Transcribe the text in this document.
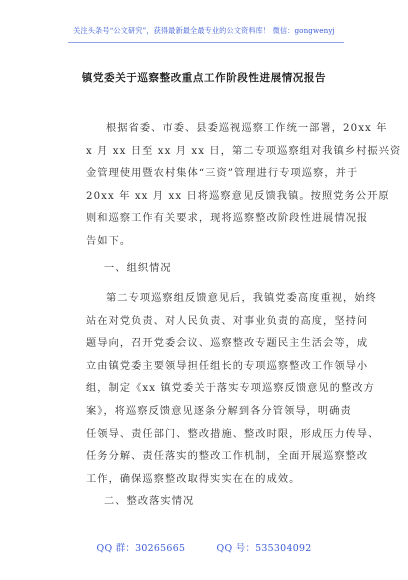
关注头条号“公文研究”，获得最新最全最专业的公文资料库！ 微信：gongwenyj
镇党委关于巡察整改重点工作阶段性进展情况报告
根据省委、市委、县委巡视巡察工作统一部署，20xx 年
x 月 xx 日至 xx 月 xx 日，第二专项巡察组对我镇乡村振兴资
金管理使用暨农村集体“三资”管理进行专项巡察，并于
20xx 年 xx 月 xx 日将巡察意见反馈我镇。按照党务公开原
则和巡察工作有关要求，现将巡察整改阶段性进展情况报
告如下。
一、组织情况
第二专项巡察组反馈意见后，我镇党委高度重视，始终
站在对党负责、对人民负责、对事业负责的高度，坚持问
题导向，召开党委会议、巡察整改专题民主生活会等，成
立由镇党委主要领导担任组长的专项巡察整改工作领导小
组，制定《xx 镇党委关于落实专项巡察反馈意见的整改方
案》，将巡察反馈意见逐条分解到各分管领导，明确责
任领导、责任部门、整改措施、整改时限，形成压力传导、
任务分解、责任落实的整改工作机制，全面开展巡察整改
工作，确保巡察整改取得实实在在的成效。
二、整改落实情况
QQ 群：30265665	QQ 号：535304092
